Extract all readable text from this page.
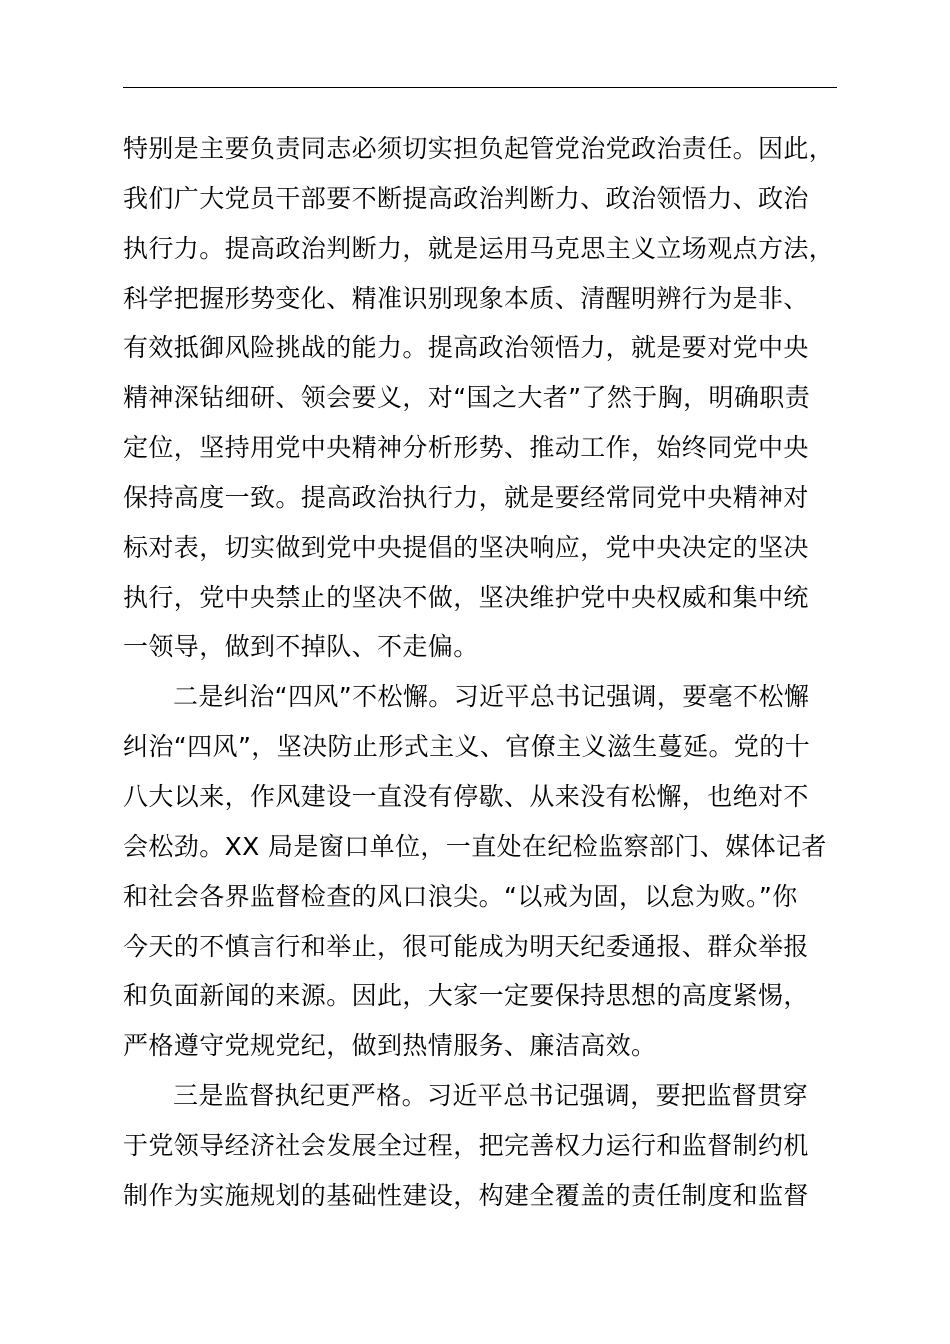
特别是主要负责同志必须切实担负起管党治党政治责任。因此，
我们广大党员干部要不断提高政治判断力、政治领悟力、政治
执行力。提高政治判断力，就是运用马克思主义立场观点方法，
科学把握形势变化、精准识别现象本质、清醒明辨行为是非、
有效抵御风险挑战的能力。提高政治领悟力，就是要对党中央
精神深钻细研、领会要义，对“国之大者”了然于胸，明确职责
定位，坚持用党中央精神分析形势、推动工作，始终同党中央
保持高度一致。提高政治执行力，就是要经常同党中央精神对
标对表，切实做到党中央提倡的坚决响应，党中央决定的坚决
执行，党中央禁止的坚决不做，坚决维护党中央权威和集中统
一领导，做到不掉队、不走偏。
二是纠治“四风”不松懈。习近平总书记强调，要毫不松懈
纠治“四风”，坚决防止形式主义、官僚主义滋生蔓延。党的十
八大以来，作风建设一直没有停歇、从来没有松懈，也绝对不
会松劲。XX 局是窗口单位，一直处在纪检监察部门、媒体记者
和社会各界监督检查的风口浪尖。“以戒为固，以怠为败。”你
今天的不慎言行和举止，很可能成为明天纪委通报、群众举报
和负面新闻的来源。因此，大家一定要保持思想的高度紧惕，
严格遵守党规党纪，做到热情服务、廉洁高效。
三是监督执纪更严格。习近平总书记强调，要把监督贯穿
于党领导经济社会发展全过程，把完善权力运行和监督制约机
制作为实施规划的基础性建设，构建全覆盖的责任制度和监督
